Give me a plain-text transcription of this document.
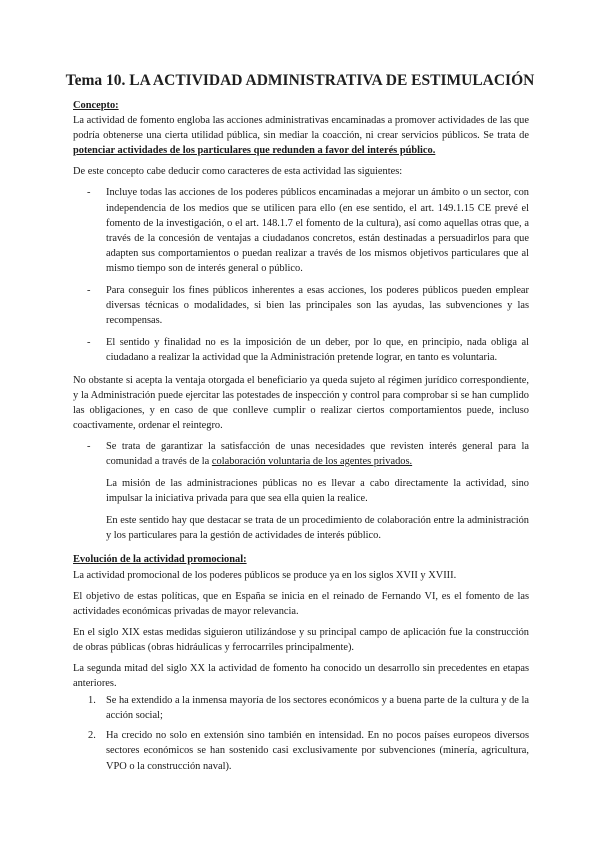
Tema 10. LA ACTIVIDAD ADMINISTRATIVA DE ESTIMULACIÓN

Concepto:

La actividad de fomento engloba las acciones administrativas encaminadas a promover actividades de las que podría obtenerse una cierta utilidad pública, sin mediar la coacción, ni crear servicios públicos. Se trata de potenciar actividades de los particulares que redunden a favor del interés público.

De este concepto cabe deducir como caracteres de esta actividad las siguientes:

- Incluye todas las acciones de los poderes públicos encaminadas a mejorar un ámbito o un sector, con independencia de los medios que se utilicen para ello (en ese sentido, el art. 149.1.15 CE prevé el fomento de la investigación, o el art. 148.1.7 el fomento de la cultura), así como aquellas otras que, a través de la concesión de ventajas a ciudadanos concretos, están destinadas a persuadirlos para que adapten sus comportamientos o puedan realizar a través de los mismos objetivos particulares que al mismo tiempo son de interés general o público.
- Para conseguir los fines públicos inherentes a esas acciones, los poderes públicos pueden emplear diversas técnicas o modalidades, si bien las principales son las ayudas, las subvenciones y las recompensas.
- El sentido y finalidad no es la imposición de un deber, por lo que, en principio, nada obliga al ciudadano a realizar la actividad que la Administración pretende lograr, en tanto es voluntaria.

No obstante si acepta la ventaja otorgada el beneficiario ya queda sujeto al régimen jurídico correspondiente, y la Administración puede ejercitar las potestades de inspección y control para comprobar si se han cumplido las obligaciones, y en caso de que conlleve cumplir o realizar ciertos comportamientos puede, incluso coactivamente, ordenar el reintegro.

- Se trata de garantizar la satisfacción de unas necesidades que revisten interés general para la comunidad a través de la colaboración voluntaria de los agentes privados.

La misión de las administraciones públicas no es llevar a cabo directamente la actividad, sino impulsar la iniciativa privada para que sea ella quien la realice.

En este sentido hay que destacar se trata de un procedimiento de colaboración entre la administración y los particulares para la gestión de actividades de interés público.

Evolución de la actividad promocional:

La actividad promocional de los poderes públicos se produce ya en los siglos XVII y XVIII.

El objetivo de estas políticas, que en España se inicia en el reinado de Fernando VI, es el fomento de las actividades económicas privadas de mayor relevancia.

En el siglo XIX estas medidas siguieron utilizándose y su principal campo de aplicación fue la construcción de obras públicas (obras hidráulicas y ferrocarriles principalmente).

La segunda mitad del siglo XX la actividad de fomento ha conocido un desarrollo sin precedentes en etapas anteriores.

1. Se ha extendido a la inmensa mayoría de los sectores económicos y a buena parte de la cultura y de la acción social;
2. Ha crecido no solo en extensión sino también en intensidad. En no pocos países europeos diversos sectores económicos se han sostenido casi exclusivamente por subvenciones (minería, agricultura, VPO o la construcción naval).
